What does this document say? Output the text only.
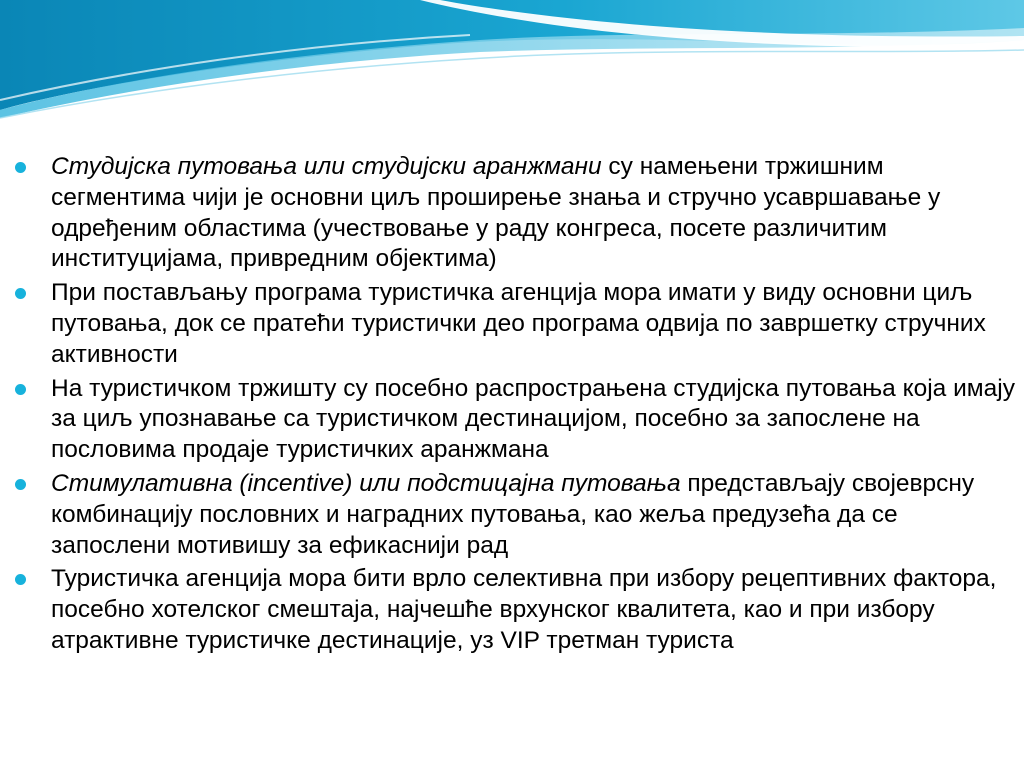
Студијска путовања или студијски аранжмани су намењени тржишним сегментима чији је основни циљ проширење знања и стручно усавршавање у одређеним областима (учествовање у раду конгреса, посете различитим институцијама, привредним објектима)
При постављању програма туристичка агенција мора имати у виду основни циљ путовања, док се пратећи туристички део програма одвија по завршетку стручних активности
На туристичком тржишту су посебно распрострањена студијска путовања која имају за циљ упознавање са туристичком дестинацијом, посебно за запослене на пословима продаје туристичких аранжмана
Стимулативна (incentive) или подстицајна путовања представљају својеврсну комбинацију пословних и наградних путовања, као жеља предузећа да се запослени мотивишу за ефикаснији рад
Туристичка агенција мора бити врло селективна при избору рецептивних фактора, посебно хотелског смештаја, најчешће врхунског квалитета, као и при избору атрактивне туристичке дестинације, уз VIP третман туриста
